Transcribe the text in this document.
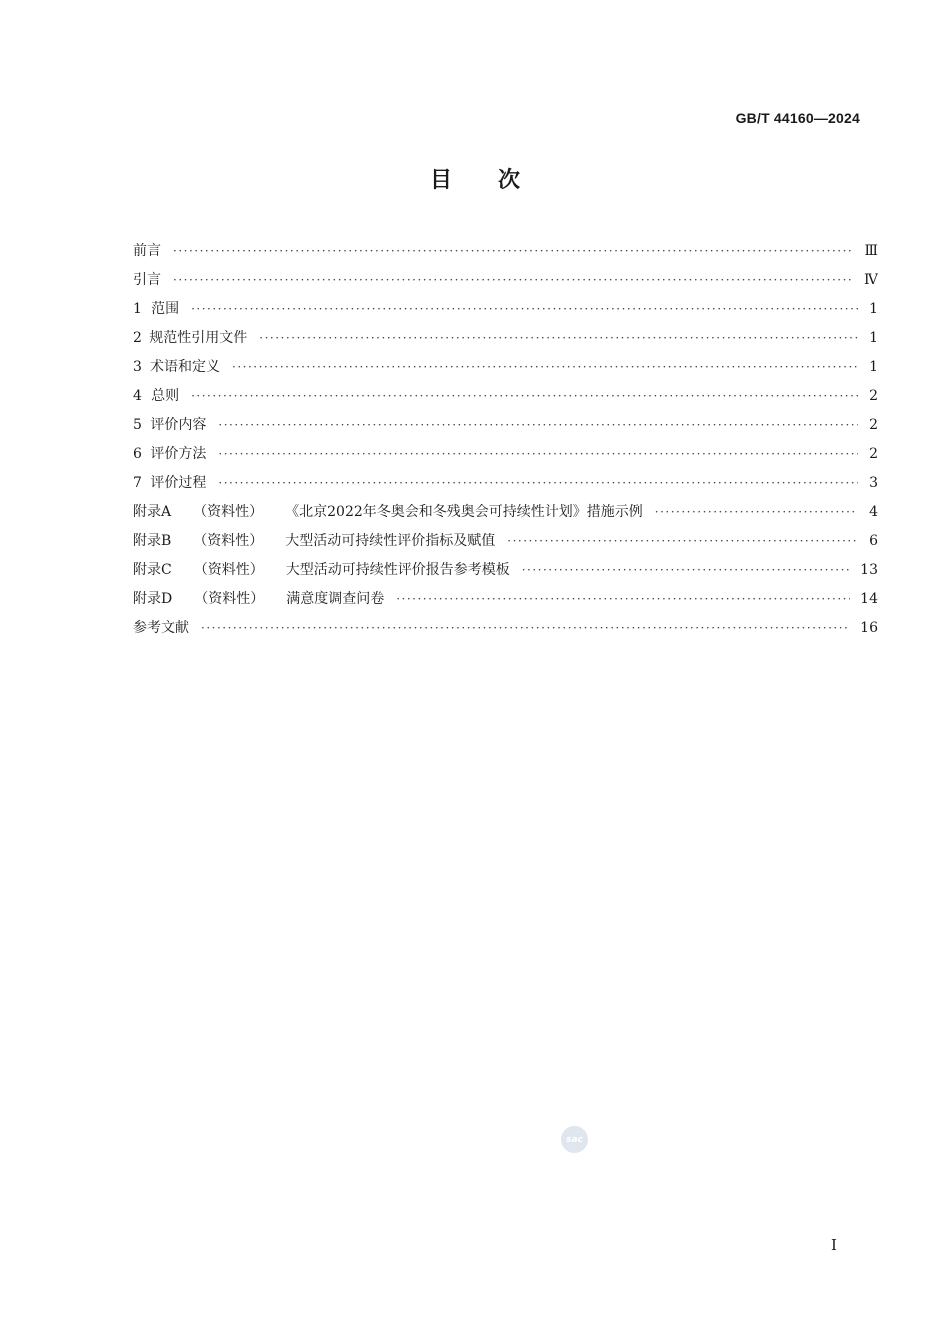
GB/T 44160—2024
目次
前言 ·····	Ⅲ
引言 ·····	Ⅳ
1 范围 ·····	1
2 规范性引用文件 ·····	1
3 术语和定义 ·····	1
4 总则 ·····	2
5 评价内容 ·····	2
6 评价方法 ·····	2
7 评价过程 ·····	3
附录A （资料性） 《北京2022年冬奥会和冬残奥会可持续性计划》措施示例 ·····	4
附录B （资料性） 大型活动可持续性评价指标及赋值 ·····	6
附录C （资料性） 大型活动可持续性评价报告参考模板 ·····	13
附录D （资料性） 满意度调查问卷 ·····	14
参考文献 ·····	16
sac
Ⅰ
